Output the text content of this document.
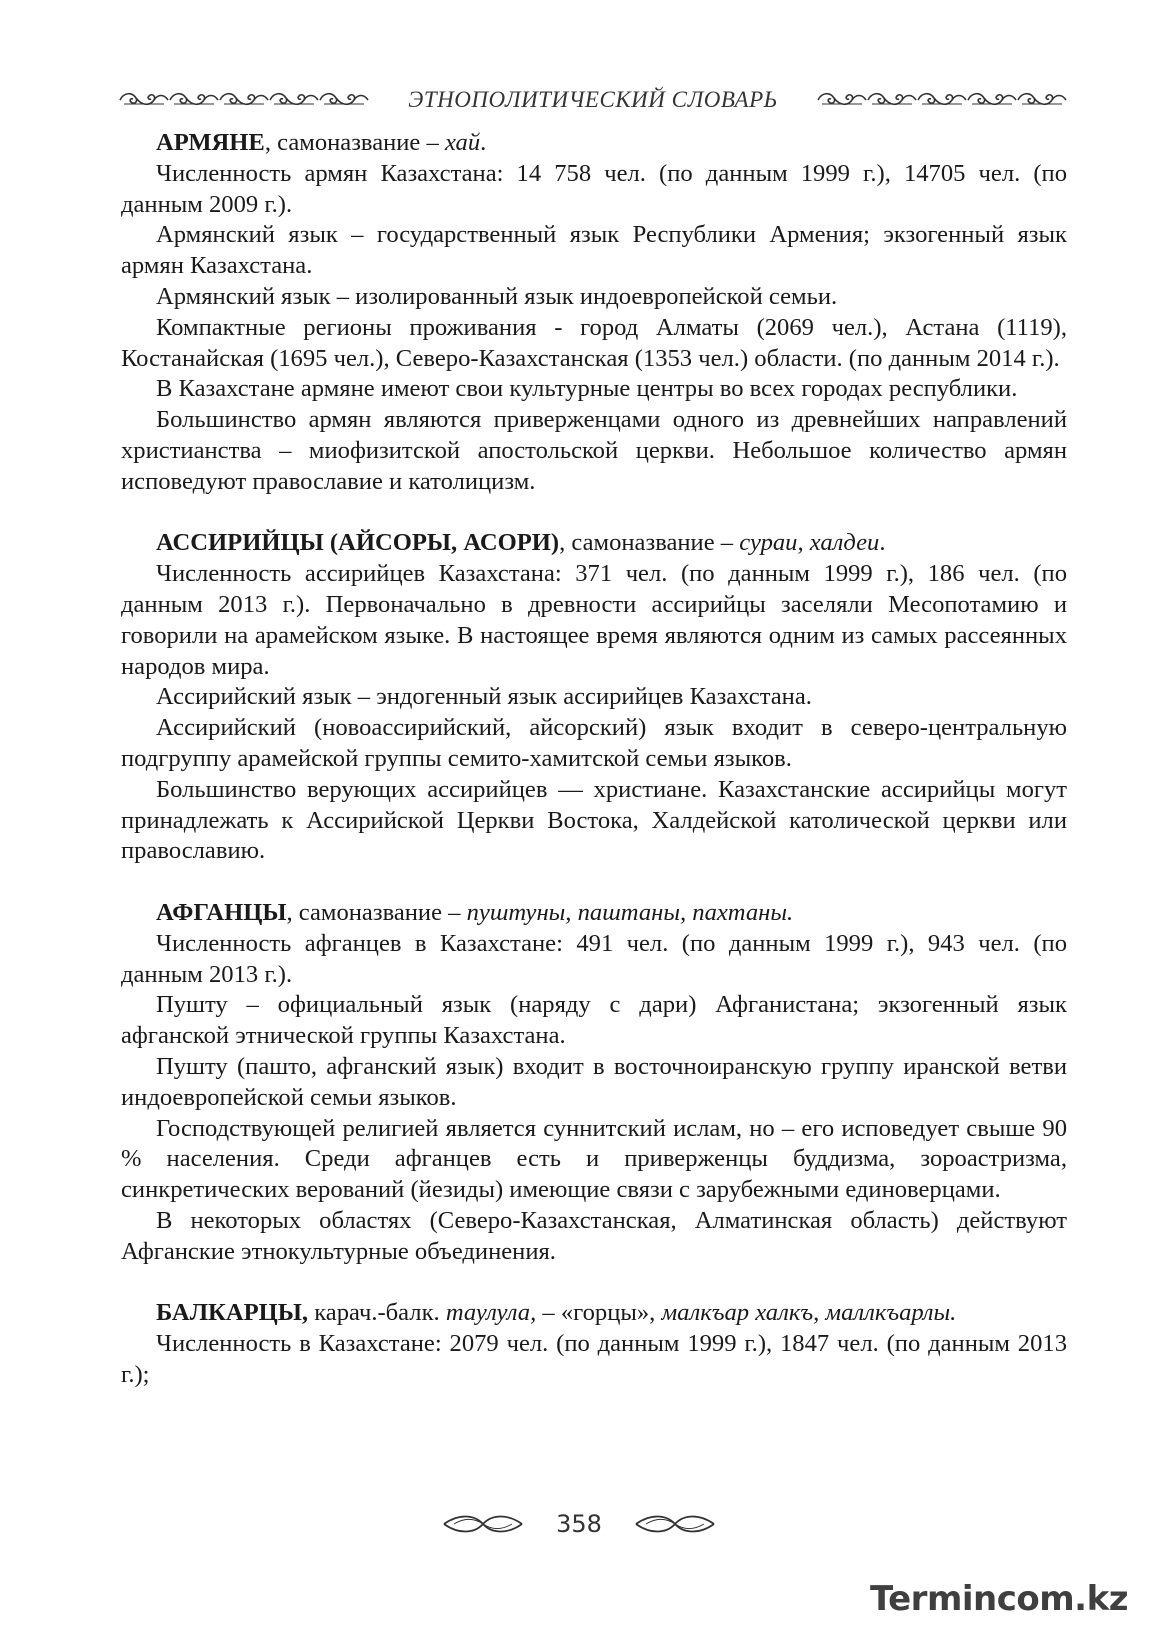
ЭТНОПОЛИТИЧЕСКИЙ СЛОВАРЬ

АРМЯНЕ, самоназвание – хай.

Численность армян Казахстана: 14 758 чел. (по данным 1999 г.), 14705 чел. (по данным 2009 г.).

Армянский язык – государственный язык Республики Армения; экзогенный язык армян Казахстана.

Армянский язык – изолированный язык индоевропейской семьи.

Компактные регионы проживания - город Алматы (2069 чел.), Астана (1119), Костанайская (1695 чел.), Северо-Казахстанская (1353 чел.) области. (по данным 2014 г.).

В Казахстане армяне имеют свои культурные центры во всех городах республики.

Большинство армян являются приверженцами одного из древнейших направлений христианства – миофизитской апостольской церкви. Небольшое количество армян исповедуют православие и католицизм.

АССИРИЙЦЫ (АЙСОРЫ, АСОРИ), самоназвание – сураи, халдеи.

Численность ассирийцев Казахстана: 371 чел. (по данным 1999 г.), 186 чел. (по данным 2013 г.). Первоначально в древности ассирийцы заселяли Месопотамию и говорили на арамейском языке. В настоящее время являются одним из самых рассеянных народов мира.

Ассирийский язык – эндогенный язык ассирийцев Казахстана.

Ассирийский (новоассирийский, айсорский) язык входит в северо-центральную подгруппу арамейской группы семито-хамитской семьи языков.

Большинство верующих ассирийцев — христиане. Казахстанские ассирийцы могут принадлежать к Ассирийской Церкви Востока, Халдейской католической церкви или православию.

АФГАНЦЫ, самоназвание – пуштуны, паштаны, пахтаны.

Численность афганцев в Казахстане: 491 чел. (по данным 1999 г.), 943 чел. (по данным 2013 г.).

Пушту – официальный язык (наряду с дари) Афганистана; экзогенный язык афганской этнической группы Казахстана.

Пушту (пашто, афганский язык) входит в восточноиранскую группу иранской ветви индоевропейской семьи языков.

Господствующей религией является суннитский ислам, но – его исповедует свыше 90 % населения. Среди афганцев есть и приверженцы буддизма, зороастризма, синкретических верований (йезиды) имеющие связи с зарубежными единоверцами.

В некоторых областях (Северо-Казахстанская, Алматинская область) действуют Афганские этнокультурные объединения.

БАЛКАРЦЫ, карач.-балк. таулула, – «горцы», малкъар халкъ, маллкъарлы.

Численность в Казахстане: 2079 чел. (по данным 1999 г.), 1847 чел. (по данным 2013 г.);

358
Termincom.kz
